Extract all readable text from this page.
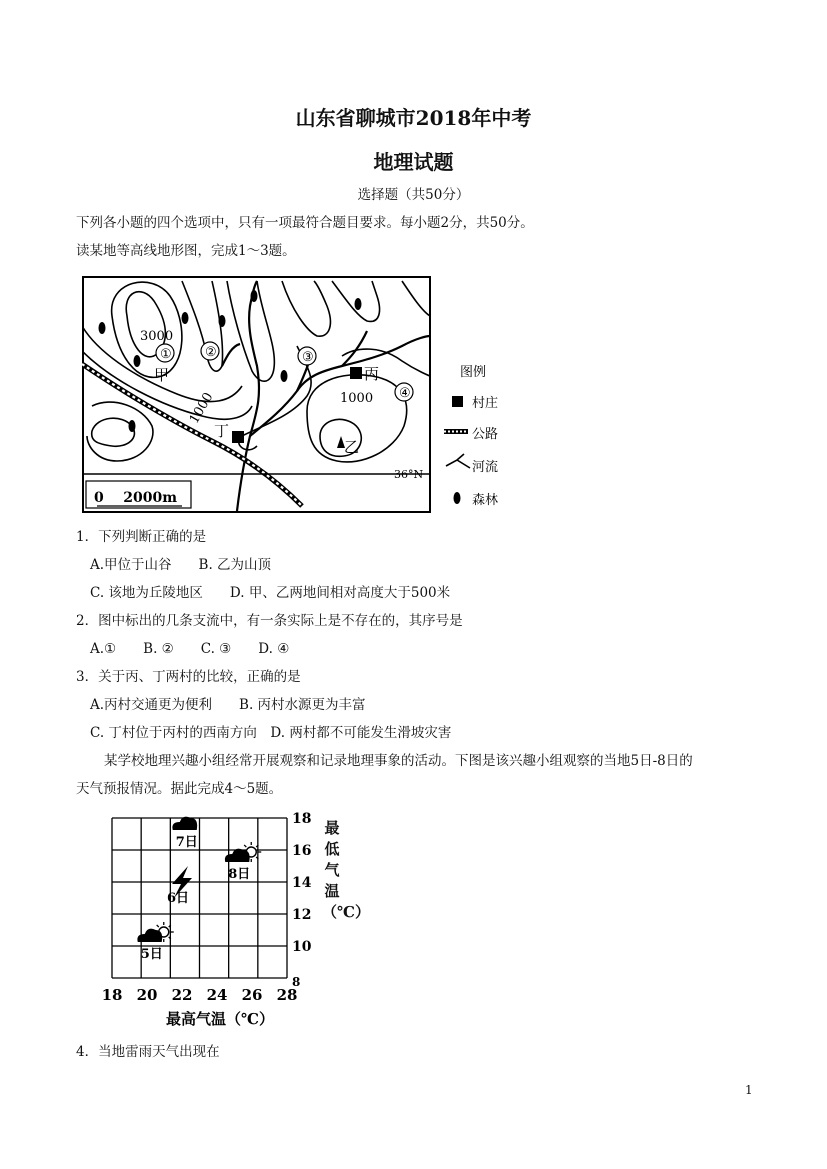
山东省聊城市2018年中考
地理试题
选择题（共50分）
下列各小题的四个选项中，只有一项最符合题目要求。每小题2分，共50分。
读某地等高线地形图，完成1～3题。
3000
①	②	③
④
甲
丁
丙
乙
1000
1000
36°N
0    2000m
图例
村庄
公路
河流
森林
1．下列判断正确的是
A.甲位于山谷　　B. 乙为山顶
C. 该地为丘陵地区　　D. 甲、乙两地间相对高度大于500米
2．图中标出的几条支流中，有一条实际上是不存在的，其序号是
A.①　　B. ②　　C. ③　　D. ④
3．关于丙、丁两村的比较，正确的是
A.丙村交通更为便利　　B. 丙村水源更为丰富
C. 丁村位于丙村的西南方向　D. 两村都不可能发生滑坡灾害
某学校地理兴趣小组经常开展观察和记录地理事象的活动。下图是该兴趣小组观察的当地5日-8日的
天气预报情况。据此完成4～5题。
18 20 22 24 26 28
8
10
12
14
16
18
5日
6日
7日
8日
最高气温（℃）
最低气温（℃）
4．当地雷雨天气出现在
1
